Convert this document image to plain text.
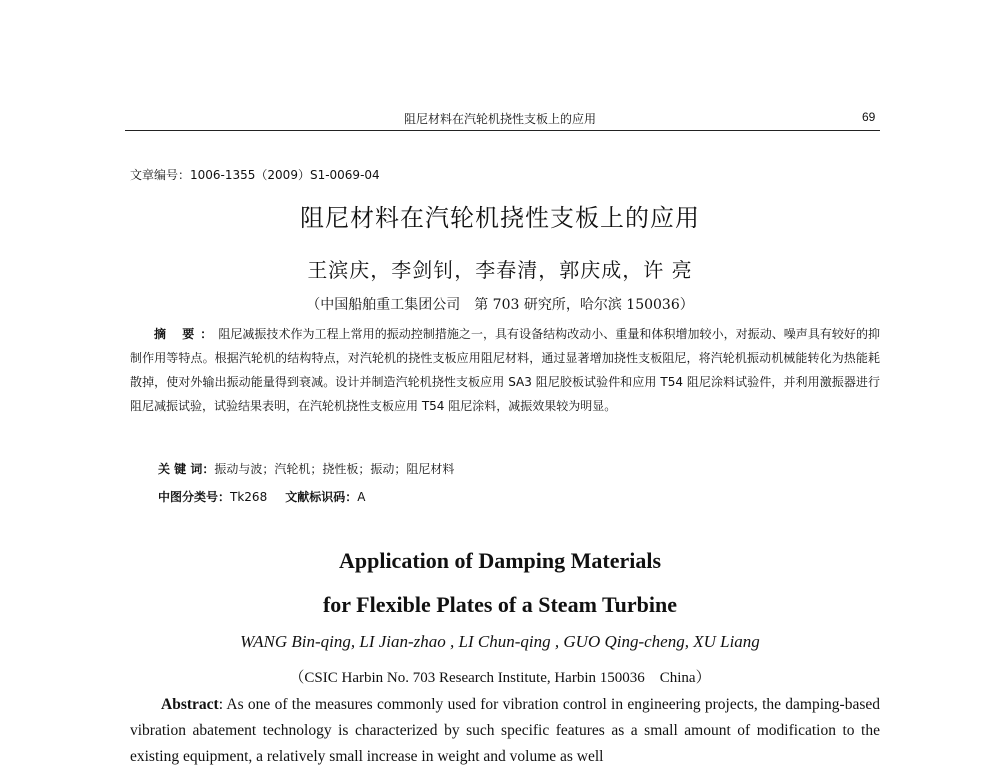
阻尼材料在汽轮机挠性支板上的应用	69
文章编号：1006-1355（2009）S1-0069-04
阻尼材料在汽轮机挠性支板上的应用
王滨庆，李剑钊，李春清，郭庆成，许 亮
（中国船舶重工集团公司　第 703 研究所，哈尔滨 150036）
摘 要：阻尼减振技术作为工程上常用的振动控制措施之一，具有设备结构改动小、重量和体积增加较小，对振动、噪声具有较好的抑制作用等特点。根据汽轮机的结构特点，对汽轮机的挠性支板应用阻尼材料，通过显著增加挠性支板阻尼，将汽轮机振动机械能转化为热能耗散掉，使对外输出振动能量得到衰减。设计并制造汽轮机挠性支板应用 SA3 阻尼胶板试验件和应用 T54 阻尼涂料试验件，并利用激振器进行阻尼减振试验，试验结果表明，在汽轮机挠性支板应用 T54 阻尼涂料，减振效果较为明显。
关 键 词：振动与波；汽轮机；挠性板；振动；阻尼材料
中图分类号：Tk268 文献标识码：A
Application of Damping Materials
for Flexible Plates of a Steam Turbine
WANG Bin-qing, LI Jian-zhao , LI Chun-qing , GUO Qing-cheng, XU Liang
（CSIC Harbin No. 703 Research Institute, Harbin 150036　China）
Abstract: As one of the measures commonly used for vibration control in engineering projects, the damping-based vibration abatement technology is characterized by such specific features as a small amount of modification to the existing equipment, a relatively small increase in weight and volume as well
